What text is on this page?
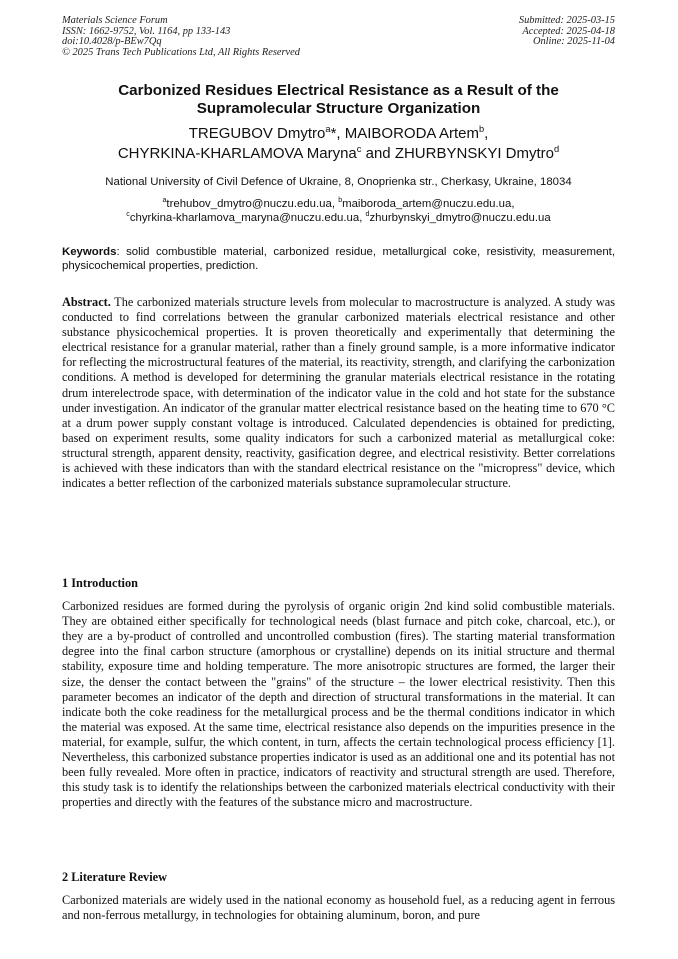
Materials Science Forum
ISSN: 1662-9752, Vol. 1164, pp 133-143
doi:10.4028/p-BEw7Qq
© 2025 Trans Tech Publications Ltd, All Rights Reserved
Submitted: 2025-03-15
Accepted: 2025-04-18
Online: 2025-11-04
Carbonized Residues Electrical Resistance as a Result of the
Supramolecular Structure Organization
TREGUBOV Dmytro$^a$*, MAIBORODA Artem$^b$,
CHYRKINA-KHARLAMOVA Maryna$^c$ and ZHURBYNSKYI Dmytro$^d$
National University of Civil Defence of Ukraine, 8, Onoprienka str., Cherkasy, Ukraine, 18034
$^a$trehubov_dmytro@nuczu.edu.ua, $^b$maiboroda_artem@nuczu.edu.ua,
$^c$chyrkina-kharlamova_maryna@nuczu.edu.ua, $^d$zhurbynskyi_dmytro@nuczu.edu.ua
Keywords: solid combustible material, carbonized residue, metallurgical coke, resistivity, measurement, physicochemical properties, prediction.

Abstract. The carbonized materials structure levels from molecular to macrostructure is analyzed. A study was conducted to find correlations between the granular carbonized materials electrical resistance and other substance physicochemical properties. It is proven theoretically and experimentally that determining the electrical resistance for a granular material, rather than a finely ground sample, is a more informative indicator for reflecting the microstructural features of the material, its reactivity, strength, and clarifying the carbonization conditions. A method is developed for determining the granular materials electrical resistance in the rotating drum interelectrode space, with determination of the indicator value in the cold and hot state for the substance under investigation. An indicator of the granular matter electrical resistance based on the heating time to 670 °C at a drum power supply constant voltage is introduced. Calculated dependencies is obtained for predicting, based on experiment results, some quality indicators for such a carbonized material as metallurgical coke: structural strength, apparent density, reactivity, gasification degree, and electrical resistivity. Better correlations is achieved with these indicators than with the standard electrical resistance on the "micropress" device, which indicates a better reflection of the carbonized materials substance supramolecular structure.

1 Introduction

Carbonized residues are formed during the pyrolysis of organic origin 2nd kind solid combustible materials. They are obtained either specifically for technological needs (blast furnace and pitch coke, charcoal, etc.), or they are a by-product of controlled and uncontrolled combustion (fires). The starting material transformation degree into the final carbon structure (amorphous or crystalline) depends on its initial structure and thermal stability, exposure time and holding temperature. The more anisotropic structures are formed, the larger their size, the denser the contact between the "grains" of the structure – the lower electrical resistivity. Then this parameter becomes an indicator of the depth and direction of structural transformations in the material. It can indicate both the coke readiness for the metallurgical process and be the thermal conditions indicator in which the material was exposed. At the same time, electrical resistance also depends on the impurities presence in the material, for example, sulfur, the which content, in turn, affects the certain technological process efficiency [1]. Nevertheless, this carbonized substance properties indicator is used as an additional one and its potential has not been fully revealed. More often in practice, indicators of reactivity and structural strength are used. Therefore, this study task is to identify the relationships between the carbonized materials electrical conductivity with their properties and directly with the features of the substance micro and macrostructure.

2 Literature Review

Carbonized materials are widely used in the national economy as household fuel, as a reducing agent in ferrous and non-ferrous metallurgy, in technologies for obtaining aluminum, boron, and pure
